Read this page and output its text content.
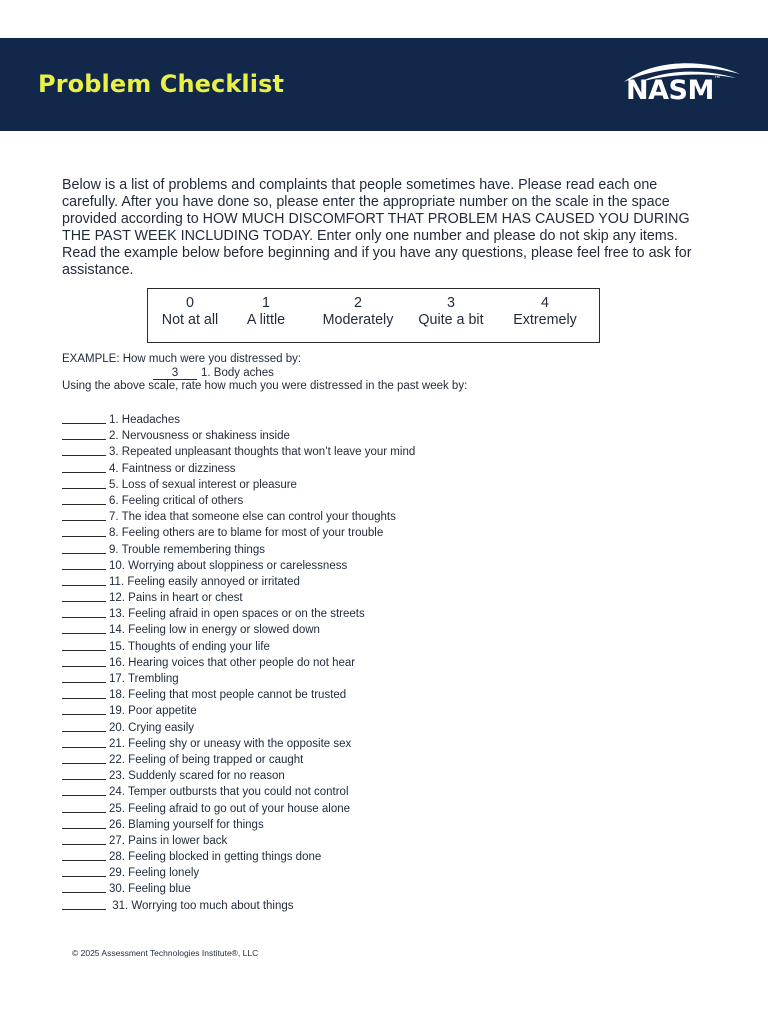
Problem Checklist	NASM™
Below is a list of problems and complaints that people sometimes have. Please read each one carefully. After you have done so, please enter the appropriate number on the scale in the space provided according to HOW MUCH DISCOMFORT THAT PROBLEM HAS CAUSED YOU DURING THE PAST WEEK INCLUDING TODAY. Enter only one number and please do not skip any items. Read the example below before beginning and if you have any questions, please feel free to ask for assistance.
0
Not at all
1
A little
2
Moderately
3
Quite a bit
4
Extremely
EXAMPLE: How much were you distressed by:
3 1. Body aches
Using the above scale, rate how much you were distressed in the past week by:
1. Headaches
2. Nervousness or shakiness inside
3. Repeated unpleasant thoughts that won’t leave your mind
4. Faintness or dizziness
5. Loss of sexual interest or pleasure
6. Feeling critical of others
7. The idea that someone else can control your thoughts
8. Feeling others are to blame for most of your trouble
9. Trouble remembering things
10. Worrying about sloppiness or carelessness
11. Feeling easily annoyed or irritated
12. Pains in heart or chest
13. Feeling afraid in open spaces or on the streets
14. Feeling low in energy or slowed down
15. Thoughts of ending your life
16. Hearing voices that other people do not hear
17. Trembling
18. Feeling that most people cannot be trusted
19. Poor appetite
20. Crying easily
21. Feeling shy or uneasy with the opposite sex
22. Feeling of being trapped or caught
23. Suddenly scared for no reason
24. Temper outbursts that you could not control
25. Feeling afraid to go out of your house alone
26. Blaming yourself for things
27. Pains in lower back
28. Feeling blocked in getting things done
29. Feeling lonely
30. Feeling blue
31. Worrying too much about things
© 2025 Assessment Technologies Institute®, LLC
